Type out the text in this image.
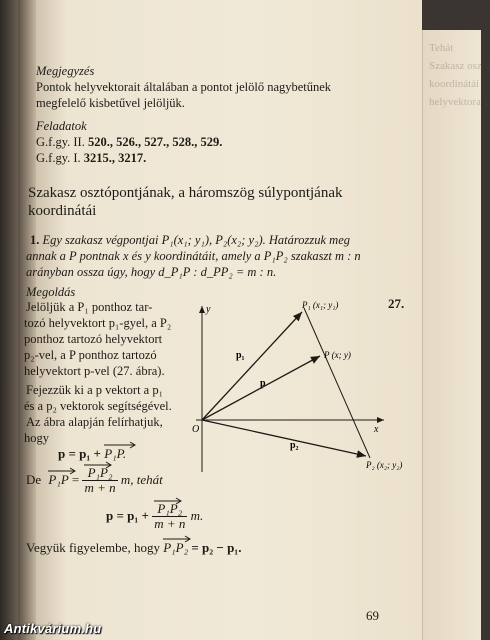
Tehát
Szakasz osztó
koordinátái
helyvektora
Megjegyzés
Pontok helyvektorait általában a pontot jelölő nagybetűnek
megfelelő kisbetűvel jelöljük.
Feladatok
G.f.gy. II. 520., 526., 527., 528., 529.
G.f.gy. I. 3215., 3217.
Szakasz osztópontjának, a háromszög súlypontjának
koordinátái
1. Egy szakasz végpontjai P₁(x₁; y₁), P₂(x₂; y₂). Határozzuk meg
annak a P pontnak x és y koordinátáit, amely a P₁P₂ szakaszt m : n
arányban ossza úgy, hogy d_P₁P : d_PP₂ = m : n.
Megoldás
Jelöljük a P₁ ponthoz tar-
tozó helyvektort p₁-gyel, a P₂
ponthoz tartozó helyvektort
p₂-vel, a P ponthoz tartozó
helyvektort p-vel (27. ábra).
Fejezzük ki a p vektort a p₁
és a p₂ vektorok segítségével.
Az ábra alapján felírhatjuk,
hogy
p = p₁ + P₁P.
De P₁P
= $\frac{\text{P₁P₂}}{m + n} m$, tehát
$p = p_1 + \frac{\text{P₁P₂}}{m + n} m$.
Vegyük figyelembe, hogy P₁P₂ = p₂ − p₁.
27.
y
x
O
P₁ (x₁; y₁)
P (x; y)
P₂ (x₂; y₂)
p₁
p
p₂
69
Antikvárium.hu
